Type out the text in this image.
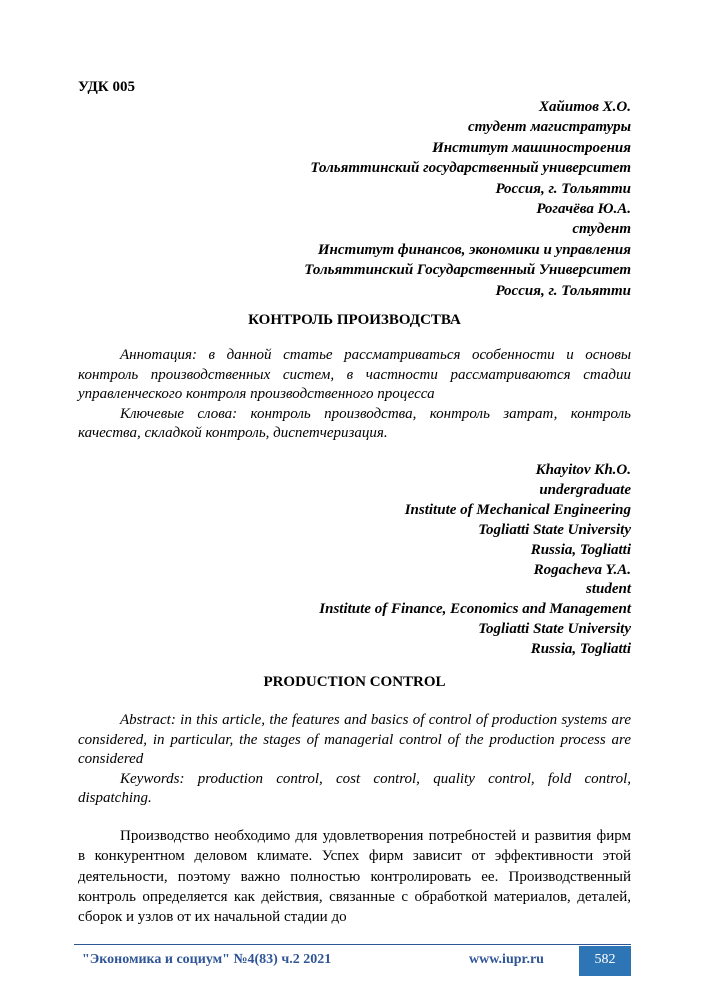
УДК 005
Хайитов Х.О.
студент магистратуры
Институт машиностроения
Тольяттинский государственный университет
Россия, г. Тольятти
Рогачёва Ю.А.
студент
Институт финансов, экономики и управления
Тольяттинский Государственный Университет
Россия, г. Тольятти
КОНТРОЛЬ ПРОИЗВОДСТВА

Аннотация: в данной статье рассматриваться особенности и основы контроль производственных систем, в частности рассматриваются стадии управленческого контроля производственного процесса

Ключевые слова: контроль производства, контроль затрат, контроль качества, складкой контроль, диспетчеризация.

Khayitov Kh.O.
undergraduate
Institute of Mechanical Engineering
Togliatti State University
Russia, Togliatti
Rogacheva Y.A.
student
Institute of Finance, Economics and Management
Togliatti State University
Russia, Togliatti
PRODUCTION CONTROL

Abstract: in this article, the features and basics of control of production systems are considered, in particular, the stages of managerial control of the production process are considered

Keywords: production control, cost control, quality control, fold control, dispatching.

Производство необходимо для удовлетворения потребностей и развития фирм в конкурентном деловом климате. Успех фирм зависит от эффективности этой деятельности, поэтому важно полностью контролировать ее. Производственный контроль определяется как действия, связанные с обработкой материалов, деталей, сборок и узлов от их начальной стадии до

"Экономика и социум" №4(83) ч.2 2021	www.iupr.ru	582
